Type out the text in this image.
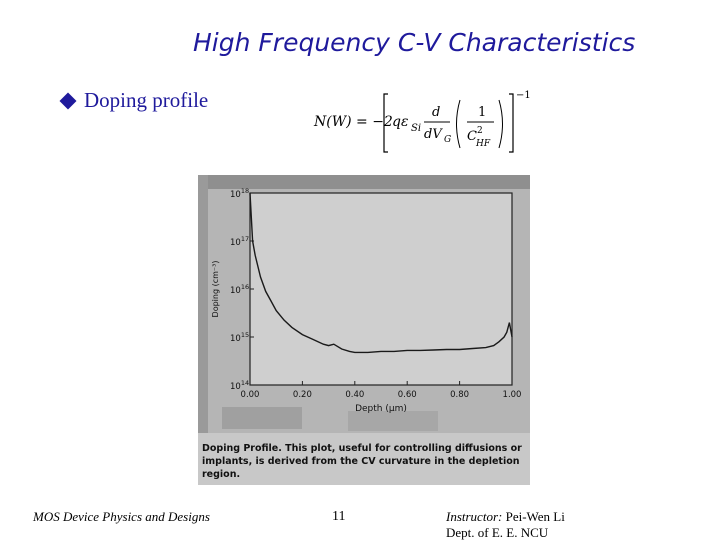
High Frequency C-V Characteristics
Doping profile
N(W) = −2 qε Si
d
dV G
1
C 2
HF
−1
0.00	0.20	0.40	0.60	0.80	1.00
$10^{14}$
$10^{15}$
$10^{16}$
$10^{17}$
$10^{18}$
Depth (µm)
Doping (cm⁻³)
Doping Profile. This plot, useful for controlling diffusions or
implants, is derived from the CV curvature in the depletion
region.
MOS Device Physics and Designs	11	Instructor: Pei-Wen Li
Dept. of E. E. NCU
